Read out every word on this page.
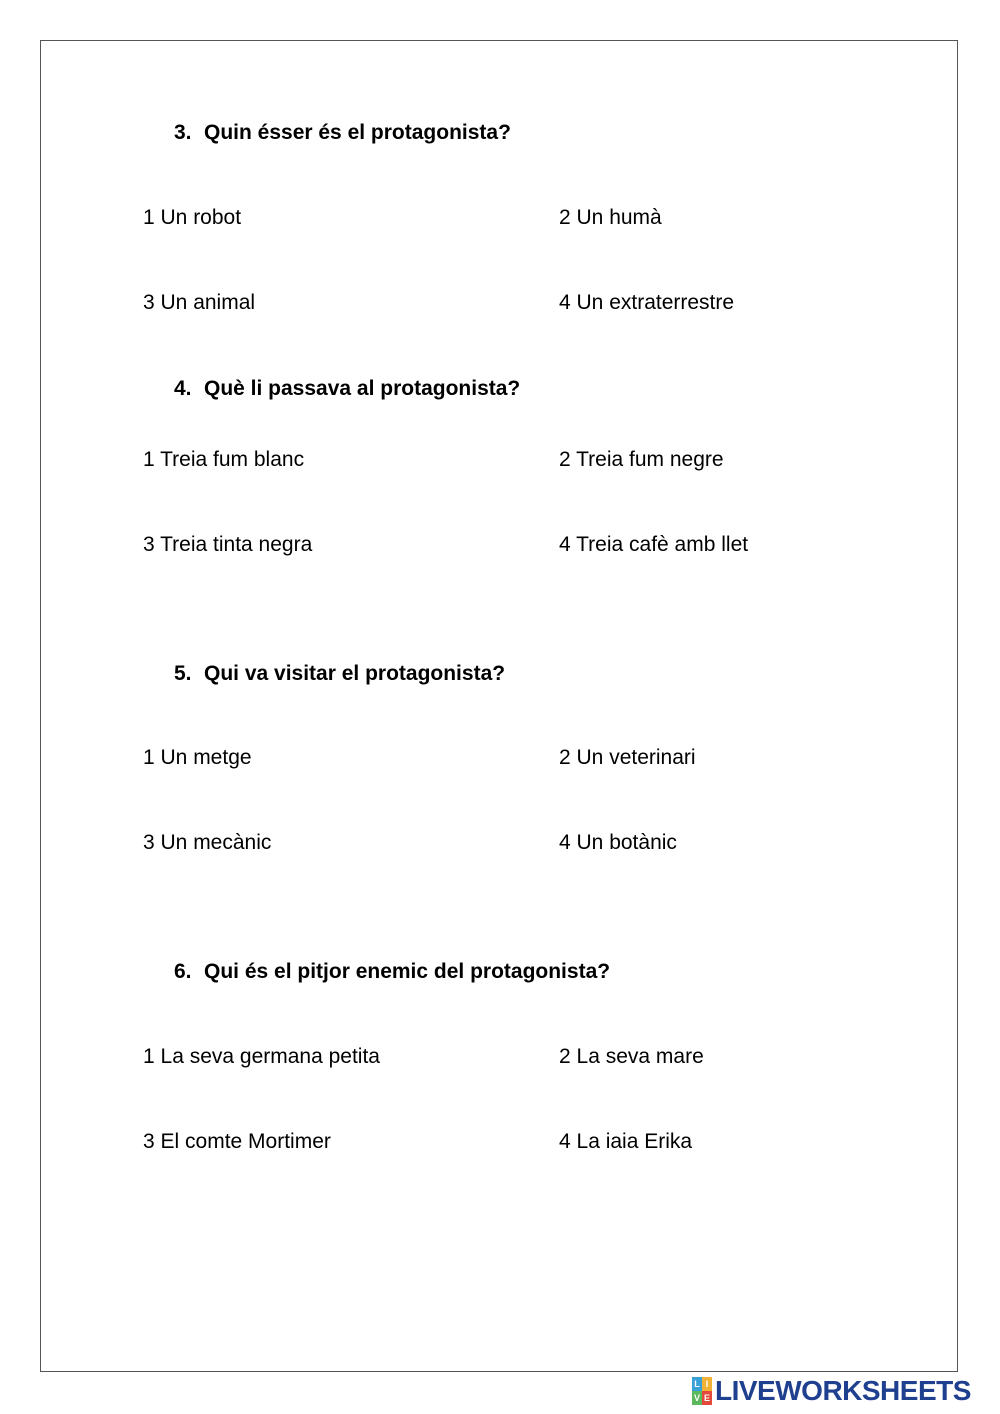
3. Quin ésser és el protagonista?
1 Un robot	2 Un humà
3 Un animal	4 Un extraterrestre
4. Què li passava al protagonista?
1 Treia fum blanc	2 Treia fum negre
3 Treia tinta negra	4 Treia cafè amb llet
5. Qui va visitar el protagonista?
1 Un metge	2 Un veterinari
3 Un mecànic	4 Un botànic
6. Qui és el pitjor enemic del protagonista?
1 La seva germana petita	2 La seva mare
3 El comte Mortimer	4 La iaia Erika
L I
V E LIVEWORKSHEETS
